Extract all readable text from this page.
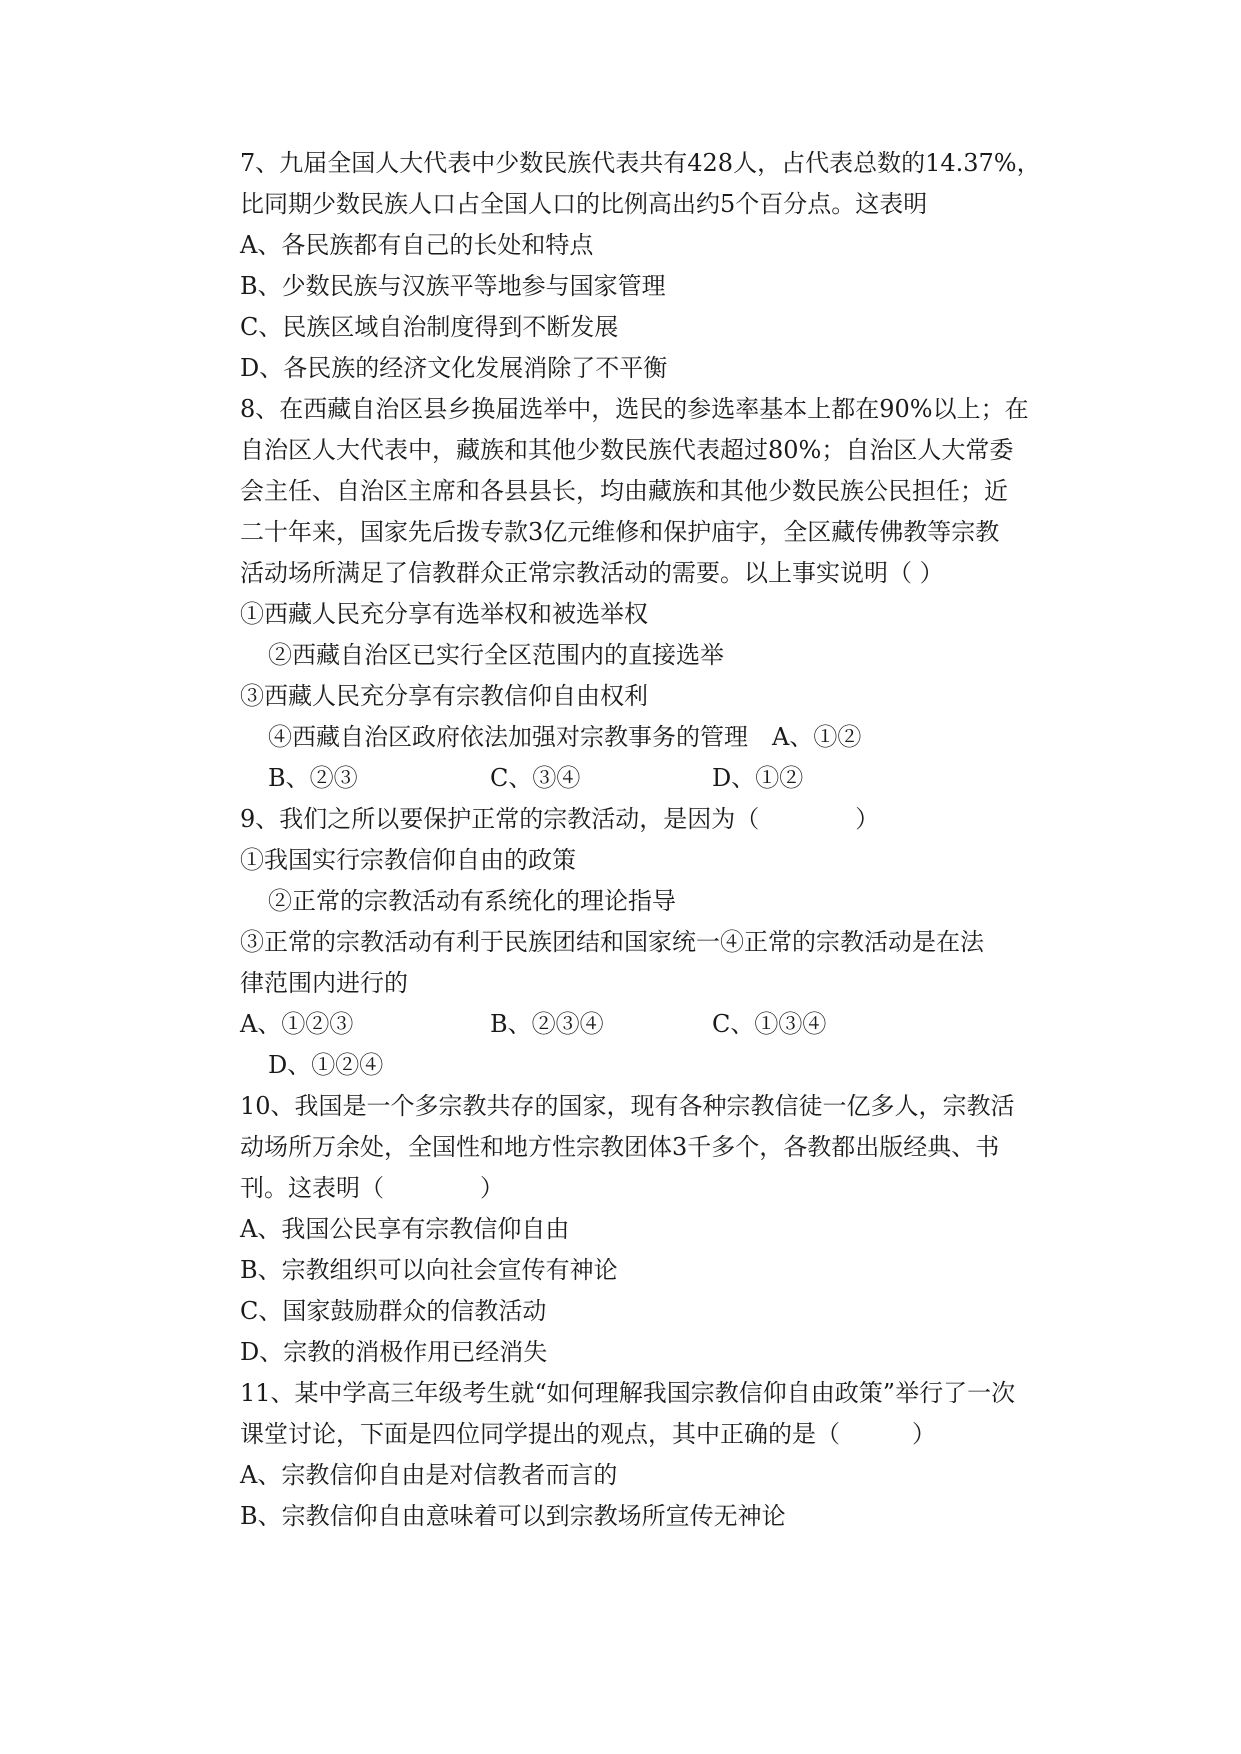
7、九届全国人大代表中少数民族代表共有428人，占代表总数的14.37%，

比同期少数民族人口占全国人口的比例高出约5个百分点。这表明

A、各民族都有自己的长处和特点

B、少数民族与汉族平等地参与国家管理

C、民族区域自治制度得到不断发展

D、各民族的经济文化发展消除了不平衡

8、在西藏自治区县乡换届选举中，选民的参选率基本上都在90%以上；在

自治区人大代表中，藏族和其他少数民族代表超过80%；自治区人大常委

会主任、自治区主席和各县县长，均由藏族和其他少数民族公民担任；近

二十年来，国家先后拨专款3亿元维修和保护庙宇，全区藏传佛教等宗教

活动场所满足了信教群众正常宗教活动的需要。以上事实说明（ ）

①西藏人民充分享有选举权和被选举权

②西藏自治区已实行全区范围内的直接选举

③西藏人民充分享有宗教信仰自由权利

④西藏自治区政府依法加强对宗教事务的管理　A、①②

B、②③	C、③④	D、①②

9、我们之所以要保护正常的宗教活动，是因为（　　　　）

①我国实行宗教信仰自由的政策

②正常的宗教活动有系统化的理论指导

③正常的宗教活动有利于民族团结和国家统一④正常的宗教活动是在法

律范围内进行的

A、①②③	B、②③④	C、①③④

D、①②④

10、我国是一个多宗教共存的国家，现有各种宗教信徒一亿多人，宗教活

动场所万余处，全国性和地方性宗教团体3千多个，各教都出版经典、书

刊。这表明（　　　　）

A、我国公民享有宗教信仰自由

B、宗教组织可以向社会宣传有神论

C、国家鼓励群众的信教活动

D、宗教的消极作用已经消失

11、某中学高三年级考生就“如何理解我国宗教信仰自由政策”举行了一次

课堂讨论，下面是四位同学提出的观点，其中正确的是（　　　）

A、宗教信仰自由是对信教者而言的

B、宗教信仰自由意味着可以到宗教场所宣传无神论
